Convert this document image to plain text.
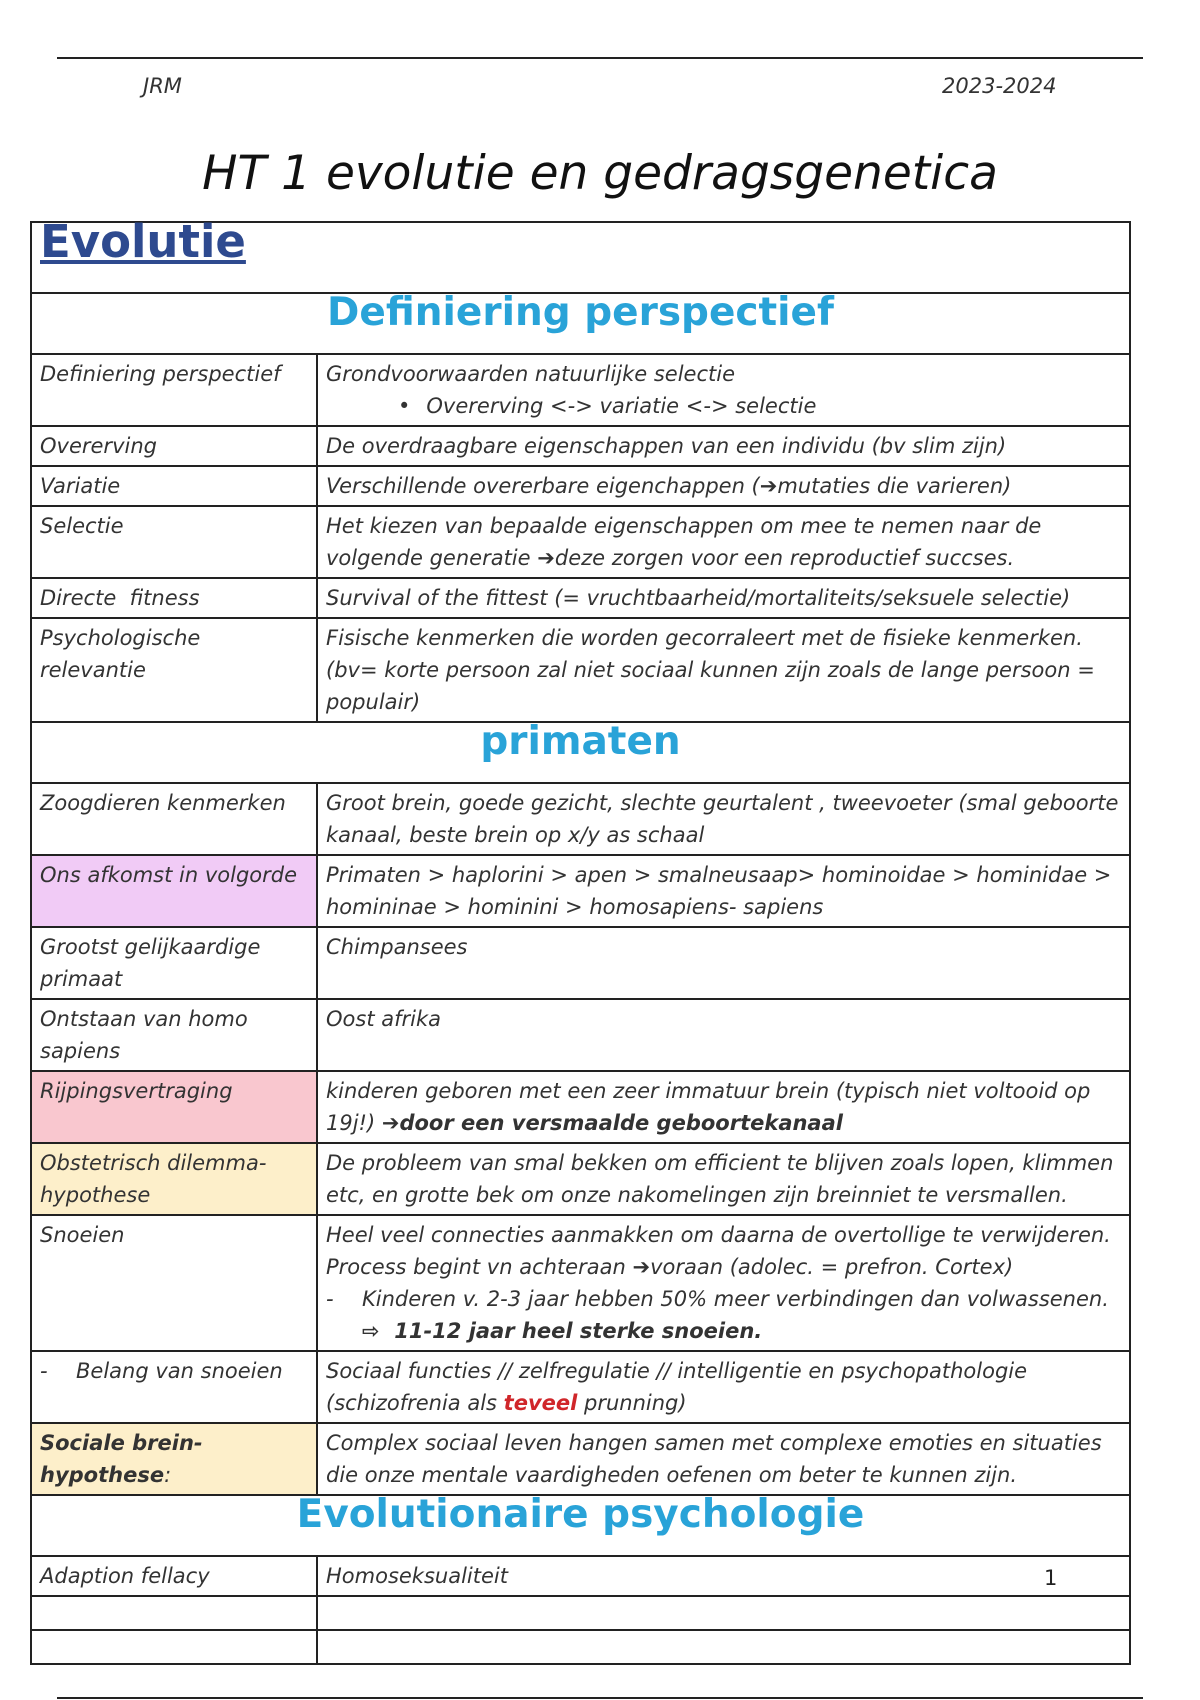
JRM	2023-2024
HT 1 evolutie en gedragsgenetica
Evolutie	
Definiering perspectief	
Definiering perspectief	Grondvoorwaarden natuurlijke selectie
• Overerving <-> variatie <-> selectie

Overerving	De overdraagbare eigenschappen van een individu (bv slim zijn)
Variatie	Verschillende overerbare eigenchappen (➔mutaties die varieren)
Selectie	Het kiezen van bepaalde eigenschappen om mee te nemen naar de volgende generatie ➔deze zorgen voor een reproductief succses.
Directe  fitness	Survival of the fittest (= vruchtbaarheid/mortaliteits/seksuele selectie)
Psychologische relevantie	Fisische kenmerken die worden gecorraleert met de fisieke kenmerken. (bv= korte persoon zal niet sociaal kunnen zijn zoals de lange persoon = populair)
primaten	
Zoogdieren kenmerken	Groot brein, goede gezicht, slechte geurtalent , tweevoeter (smal geboorte kanaal, beste brein op x/y as schaal
Ons afkomst in volgorde	Primaten > haplorini > apen > smalneusaap> hominoidae > hominidae > homininae > hominini > homosapiens- sapiens
Grootst gelijkaardige primaat	Chimpansees
Ontstaan van homo sapiens	Oost afrika
Rijpingsvertraging	kinderen geboren met een zeer immatuur brein (typisch niet voltooid op 19j!) ➔door een versmaalde geboortekanaal
Obstetrisch dilemma-hypothese	De probleem van smal bekken om efficient te blijven zoals lopen, klimmen etc, en grotte bek om onze nakomelingen zijn breinniet te versmallen.
Snoeien	Heel veel connecties aanmakken om daarna de overtollige te verwijderen.
Process begint vn achteraan ➔voraan (adolec. = prefron. Cortex)
- Kinderen v. 2-3 jaar hebben 50% meer verbindingen dan volwassenen.
⇨ 11-12 jaar heel sterke snoeien.

- Belang van snoeien	Sociaal functies // zelfregulatie // intelligentie en psychopathologie (schizofrenia als teveel prunning)
Sociale brein-hypothese:	Complex sociaal leven hangen samen met complexe emoties en situaties die onze mentale vaardigheden oefenen om beter te kunnen zijn.
Evolutionaire psychologie	
Adaption fellacy	Homoseksualiteit

		1
